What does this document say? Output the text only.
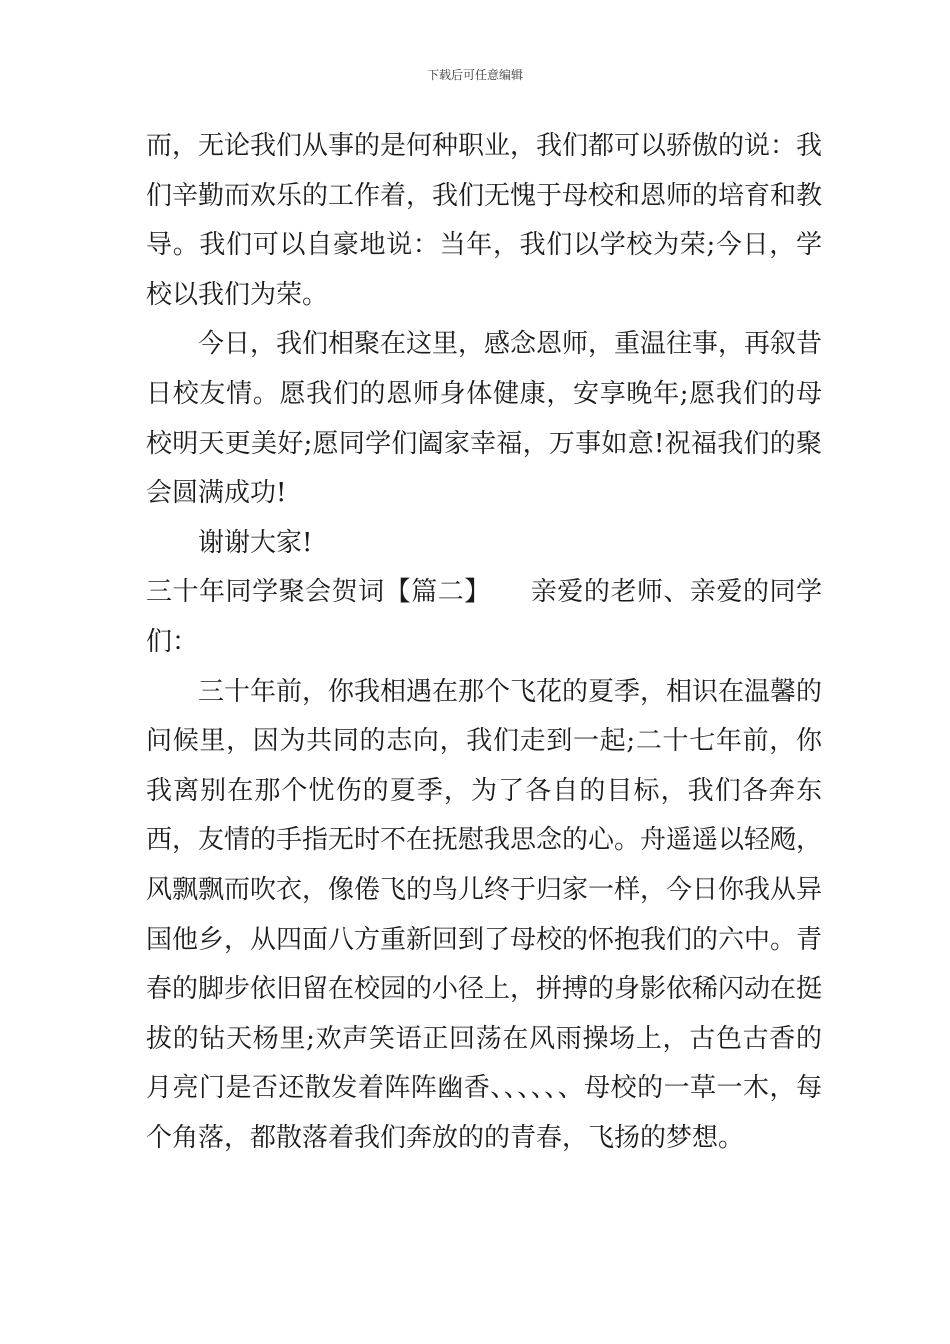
下载后可任意编辑

而，无论我们从事的是何种职业，我们都可以骄傲的说：我们辛勤而欢乐的工作着，我们无愧于母校和恩师的培育和教导。我们可以自豪地说：当年，我们以学校为荣;今日，学校以我们为荣。

今日，我们相聚在这里，感念恩师，重温往事，再叙昔日校友情。愿我们的恩师身体健康，安享晚年;愿我们的母校明天更美好;愿同学们阖家幸福，万事如意!祝福我们的聚会圆满成功!

谢谢大家!

三十年同学聚会贺词【篇二】　　亲爱的老师、亲爱的同学们：

三十年前，你我相遇在那个飞花的夏季，相识在温馨的问候里，因为共同的志向，我们走到一起;二十七年前，你我离别在那个忧伤的夏季，为了各自的目标，我们各奔东西，友情的手指无时不在抚慰我思念的心。舟遥遥以轻飏，风飘飘而吹衣，像倦飞的鸟儿终于归家一样，今日你我从异国他乡，从四面八方重新回到了母校的怀抱我们的六中。青春的脚步依旧留在校园的小径上，拼搏的身影依稀闪动在挺拔的钻天杨里;欢声笑语正回荡在风雨操场上，古色古香的月亮门是否还散发着阵阵幽香、、、、、、母校的一草一木，每个角落，都散落着我们奔放的的青春，飞扬的梦想。
